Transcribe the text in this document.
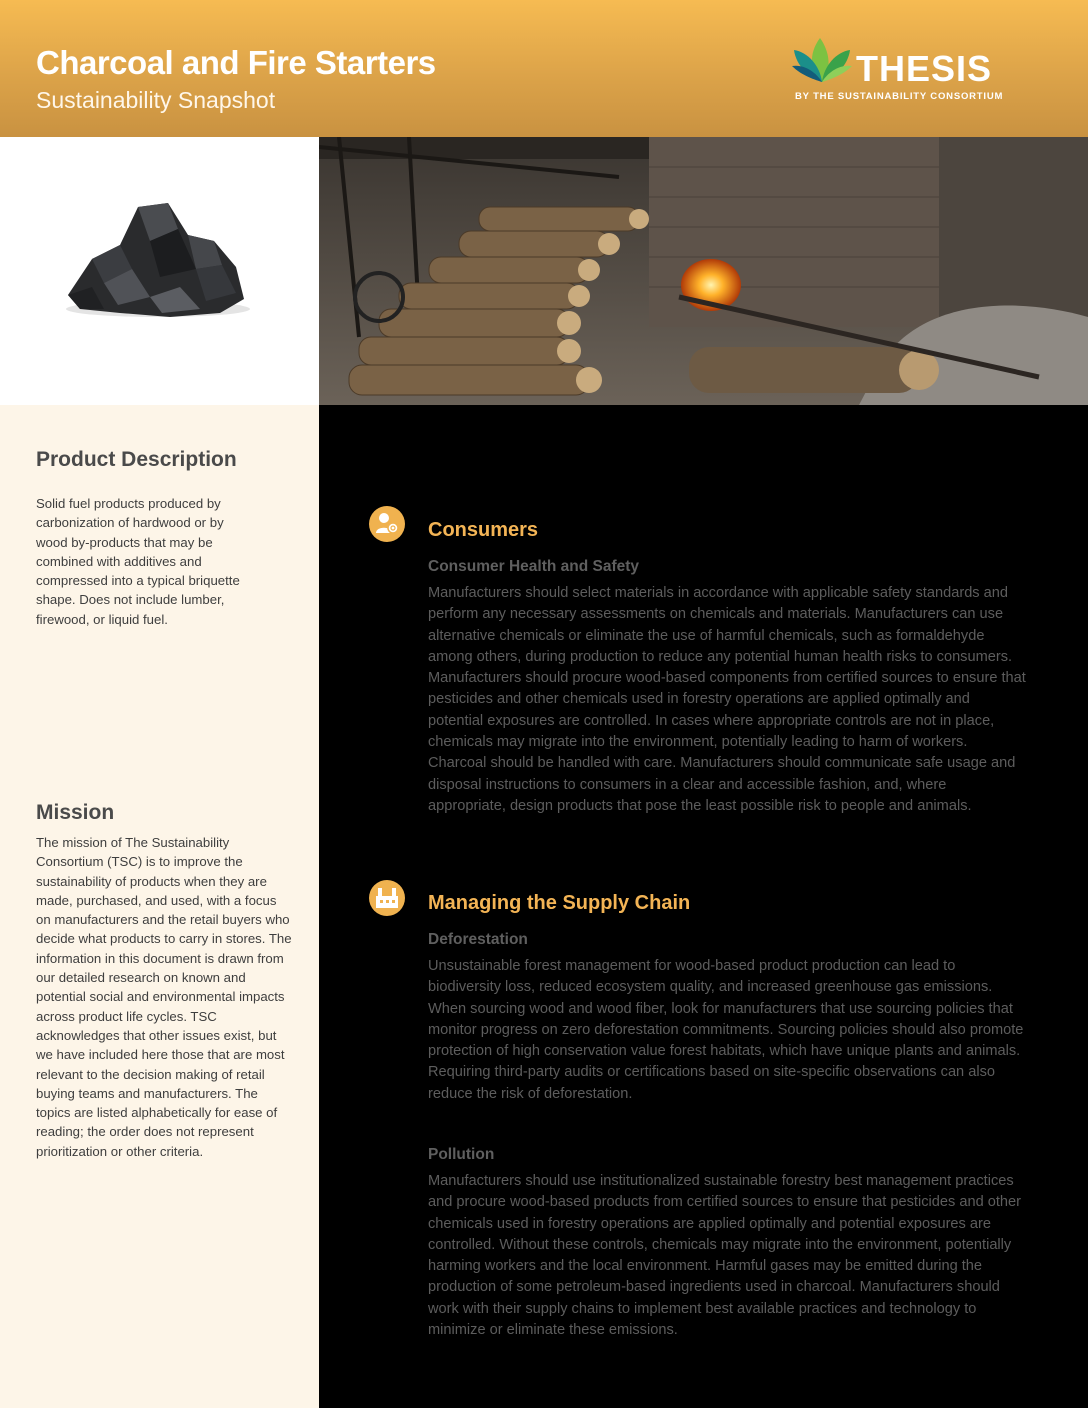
Charcoal and Fire Starters
Sustainability Snapshot
THESIS
BY THE SUSTAINABILITY CONSORTIUM
Product Description

Solid fuel products produced by carbonization of hardwood or by wood by-products that may be combined with additives and compressed into a typical briquette shape. Does not include lumber, firewood, or liquid fuel.

Mission

The mission of The Sustainability Consortium (TSC) is to improve the sustainability of products when they are made, purchased, and used, with a focus on manufacturers and the retail buyers who decide what products to carry in stores. The information in this document is drawn from our detailed research on known and potential social and environmental impacts across product life cycles. TSC acknowledges that other issues exist, but we have included here those that are most relevant to the decision making of retail buying teams and manufacturers. The topics are listed alphabetically for ease of reading; the order does not represent prioritization or other criteria.

Consumers
Consumer Health and Safety

Manufacturers should select materials in accordance with applicable safety standards and perform any necessary assessments on chemicals and materials. Manufacturers can use alternative chemicals or eliminate the use of harmful chemicals, such as formaldehyde among others, during production to reduce any potential human health risks to consumers. Manufacturers should procure wood-based components from certified sources to ensure that pesticides and other chemicals used in forestry operations are applied optimally and potential exposures are controlled. In cases where appropriate controls are not in place, chemicals may migrate into the environment, potentially leading to harm of workers. Charcoal should be handled with care. Manufacturers should communicate safe usage and disposal instructions to consumers in a clear and accessible fashion, and, where appropriate, design products that pose the least possible risk to people and animals.

Managing the Supply Chain
Deforestation

Unsustainable forest management for wood-based product production can lead to biodiversity loss, reduced ecosystem quality, and increased greenhouse gas emissions. When sourcing wood and wood fiber, look for manufacturers that use sourcing policies that monitor progress on zero deforestation commitments. Sourcing policies should also promote protection of high conservation value forest habitats, which have unique plants and animals. Requiring third-party audits or certifications based on site-specific observations can also reduce the risk of deforestation.

Pollution

Manufacturers should use institutionalized sustainable forestry best management practices and procure wood-based products from certified sources to ensure that pesticides and other chemicals used in forestry operations are applied optimally and potential exposures are controlled. Without these controls, chemicals may migrate into the environment, potentially harming workers and the local environment. Harmful gases may be emitted during the production of some petroleum-based ingredients used in charcoal. Manufacturers should work with their supply chains to implement best available practices and technology to minimize or eliminate these emissions.
